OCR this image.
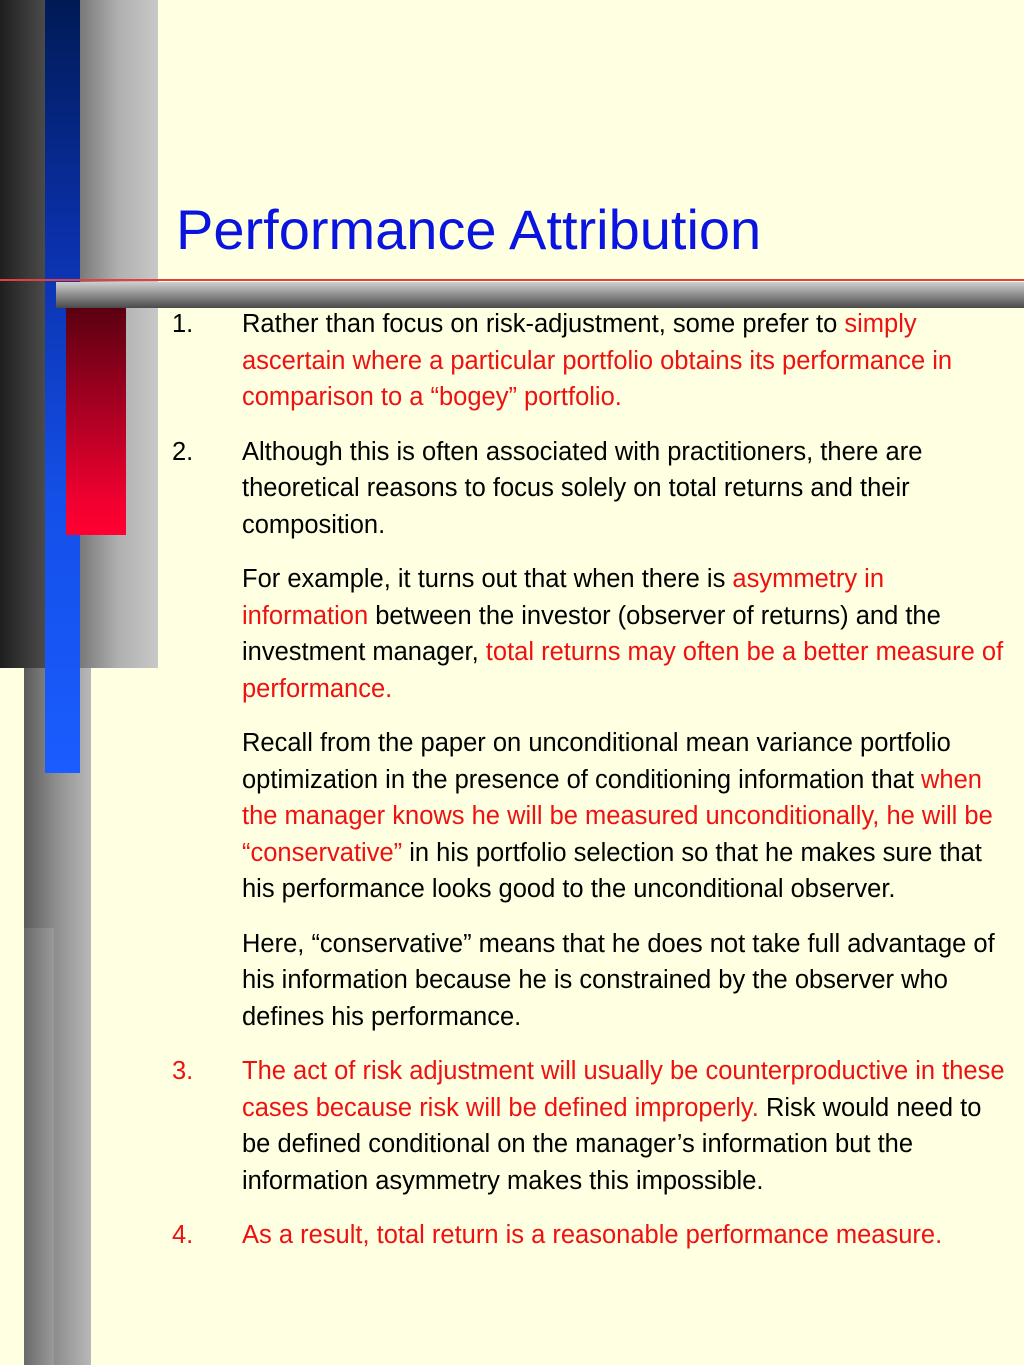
Performance Attribution
1. Rather than focus on risk-adjustment, some prefer to simply ascertain where a particular portfolio obtains its performance in comparison to a “bogey” portfolio.
2. Although this is often associated with practitioners, there are theoretical reasons to focus solely on total returns and their composition.
For example, it turns out that when there is asymmetry in information between the investor (observer of returns) and the investment manager, total returns may often be a better measure of performance.
Recall from the paper on unconditional mean variance portfolio optimization in the presence of conditioning information that when the manager knows he will be measured unconditionally, he will be “conservative” in his portfolio selection so that he makes sure that his performance looks good to the unconditional observer.
Here, “conservative” means that he does not take full advantage of his information because he is constrained by the observer who defines his performance.
3. The act of risk adjustment will usually be counterproductive in these cases because risk will be defined improperly. Risk would need to be defined conditional on the manager’s information but the information asymmetry makes this impossible.
4. As a result, total return is a reasonable performance measure.
